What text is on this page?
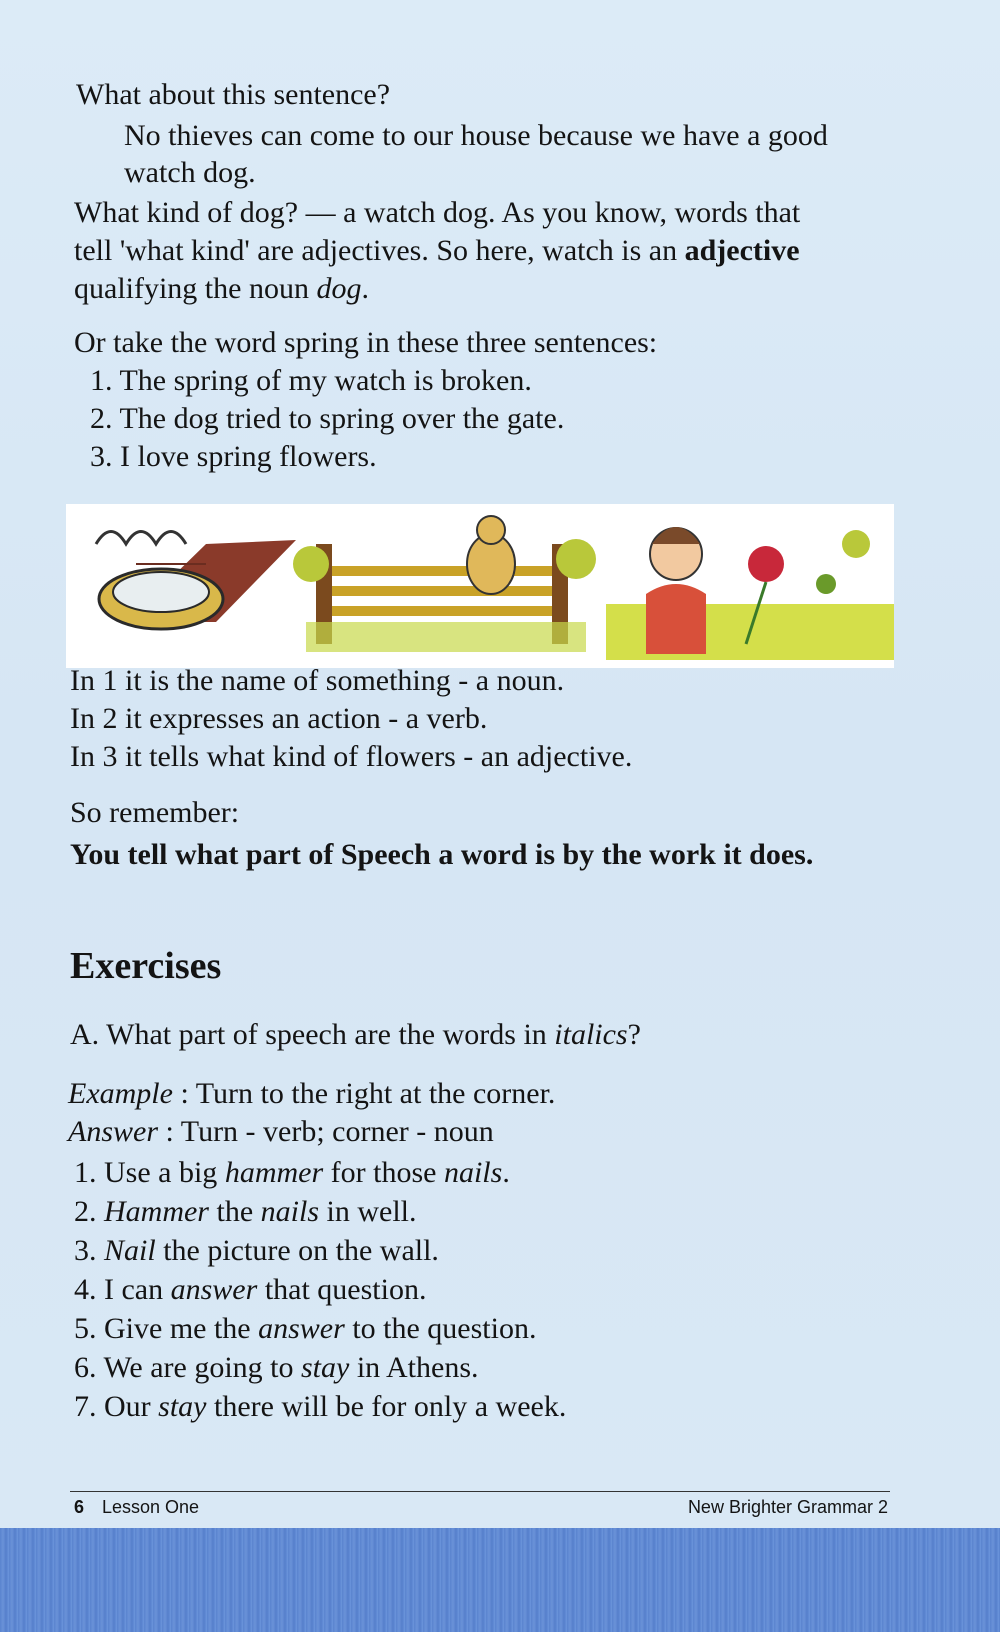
What about this sentence?
No thieves can come to our house because we have a good
watch dog.
What kind of dog? — a watch dog. As you know, words that
tell 'what kind' are adjectives. So here, watch is an adjective
qualifying the noun dog.
Or take the word spring in these three sentences:
1. The spring of my watch is broken.
2. The dog tried to spring over the gate.
3. I love spring flowers.
In 1 it is the name of something - a noun.
In 2 it expresses an action - a verb.
In 3 it tells what kind of flowers - an adjective.
So remember:
You tell what part of Speech a word is by the work it does.
Exercises
A. What part of speech are the words in italics?
Example : Turn to the right at the corner.
Answer : Turn - verb; corner - noun
1. Use a big hammer for those nails.
2. Hammer the nails in well.
3. Nail the picture on the wall.
4. I can answer that question.
5. Give me the answer to the question.
6. We are going to stay in Athens.
7. Our stay there will be for only a week.
6 Lesson One	New Brighter Grammar 2
